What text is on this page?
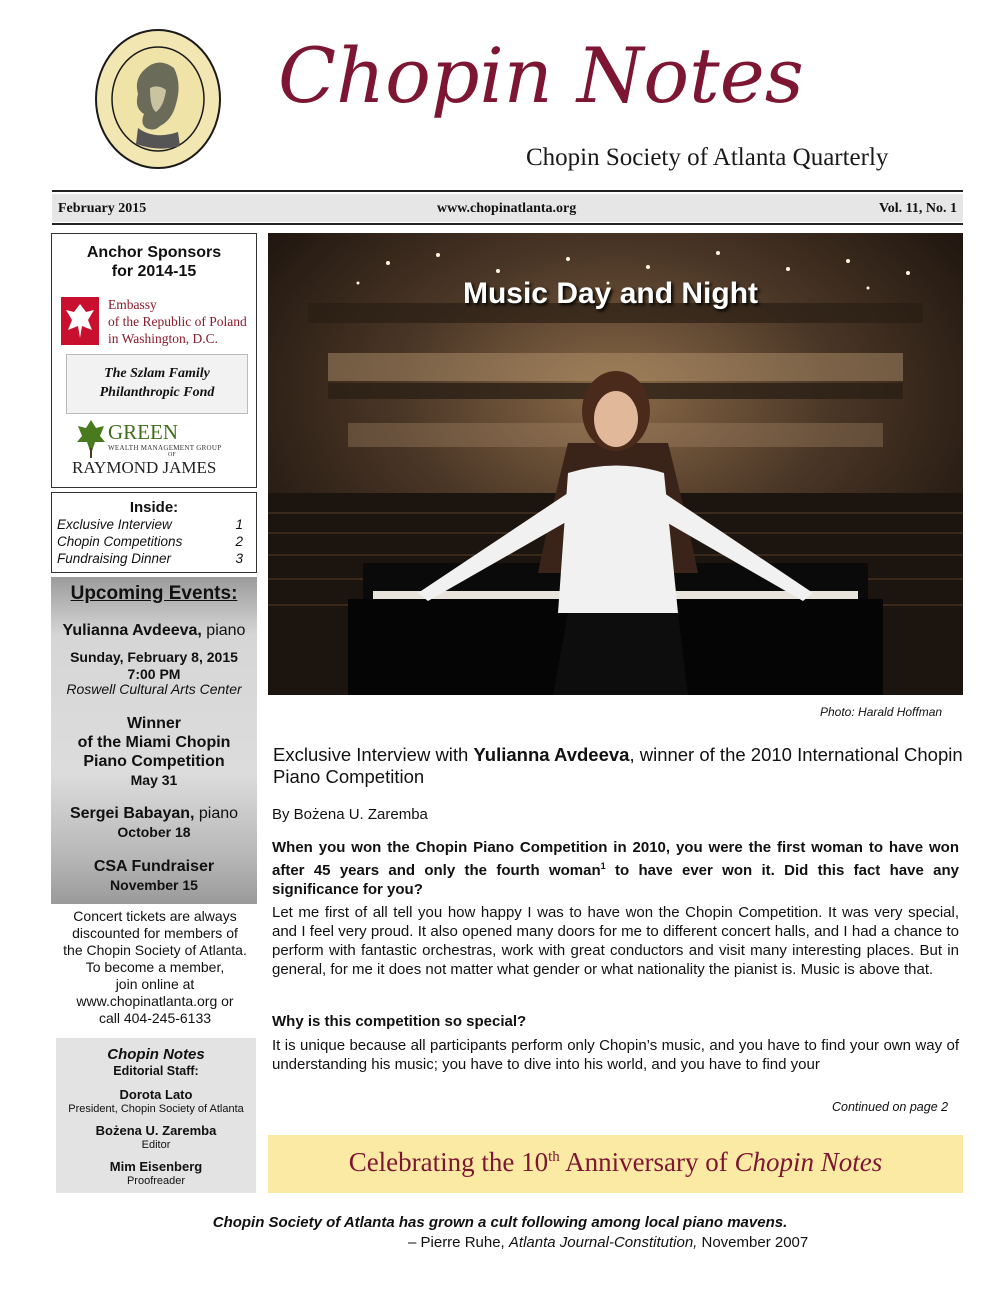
Chopin Notes
Chopin Society of Atlanta Quarterly
February 2015	www.chopinatlanta.org	Vol. 11, No. 1
Anchor Sponsors
for 2014-15
Embassy
of the Republic of Poland
in Washington, D.C.
The Szlam Family
Philanthropic Fond
GREEN
WEALTH MANAGEMENT GROUP
OF
RAYMOND JAMES
Inside:
Exclusive Interview	1
Chopin Competitions	2
Fundraising Dinner	3
Upcoming Events:
Yulianna Avdeeva, piano
Sunday, February 8, 2015
7:00 PM
Roswell Cultural Arts Center
Winner
of the Miami Chopin
Piano Competition
May 31
Sergei Babayan, piano
October 18
CSA Fundraiser
November 15
Concert tickets are always
discounted for members of
the Chopin Society of Atlanta.
To become a member,
join online at
www.chopinatlanta.org or
call 404-245-6133
Chopin Notes
Editorial Staff:
Dorota Lato
President, Chopin Society of Atlanta
Bożena U. Zaremba
Editor
Mim Eisenberg
Proofreader
Music Day and Night
Photo: Harald Hoffman
Exclusive Interview with Yulianna Avdeeva, winner of the 2010 International Chopin Piano Competition
By Bożena U. Zaremba
When you won the Chopin Piano Competition in 2010, you were the first woman to have won after 45 years and only the fourth woman$^1$ to have ever won it. Did this fact have any significance for you?
Let me first of all tell you how happy I was to have won the Chopin Competition. It was very special, and I feel very proud. It also opened many doors for me to different concert halls, and I had a chance to perform with fantastic orchestras, work with great conductors and visit many interesting places. But in general, for me it does not matter what gender or what nationality the pianist is. Music is above that.
Why is this competition so special?
It is unique because all participants perform only Chopin’s music, and you have to find your own way of understanding his music; you have to dive into his world, and you have to find your
Continued on page 2
Celebrating the 10th Anniversary of Chopin Notes
Chopin Society of Atlanta has grown a cult following among local piano mavens.
– Pierre Ruhe, Atlanta Journal-Constitution, November 2007
